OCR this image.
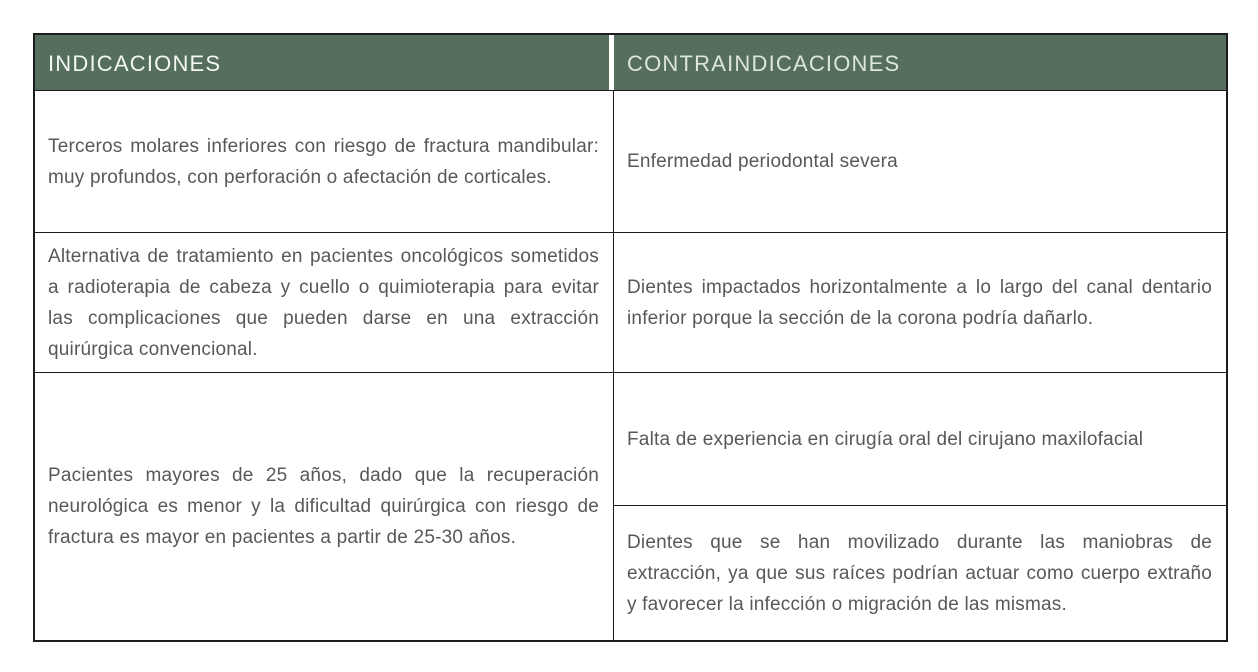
INDICACIONES	CONTRAINDICACIONES

Terceros molares inferiores con riesgo de fractura mandibular: muy profundos, con perforación o afectación de corticales.

Enfermedad periodontal severa

Alternativa de tratamiento en pacientes oncológicos sometidos a radioterapia de cabeza y cuello o quimioterapia para evitar las complicaciones que pueden darse en una extracción quirúrgica convencional.

Dientes impactados horizontalmente a lo largo del canal dentario inferior porque la sección de la corona podría dañarlo.

Pacientes mayores de 25 años, dado que la recuperación neurológica es menor y la dificultad quirúrgica con riesgo de fractura es mayor en pacientes a partir de 25-30 años.

Falta de experiencia en cirugía oral del cirujano maxilofacial

Dientes que se han movilizado durante las maniobras de extracción, ya que sus raíces podrían actuar como cuerpo extraño y favorecer la infección o migración de las mismas.
